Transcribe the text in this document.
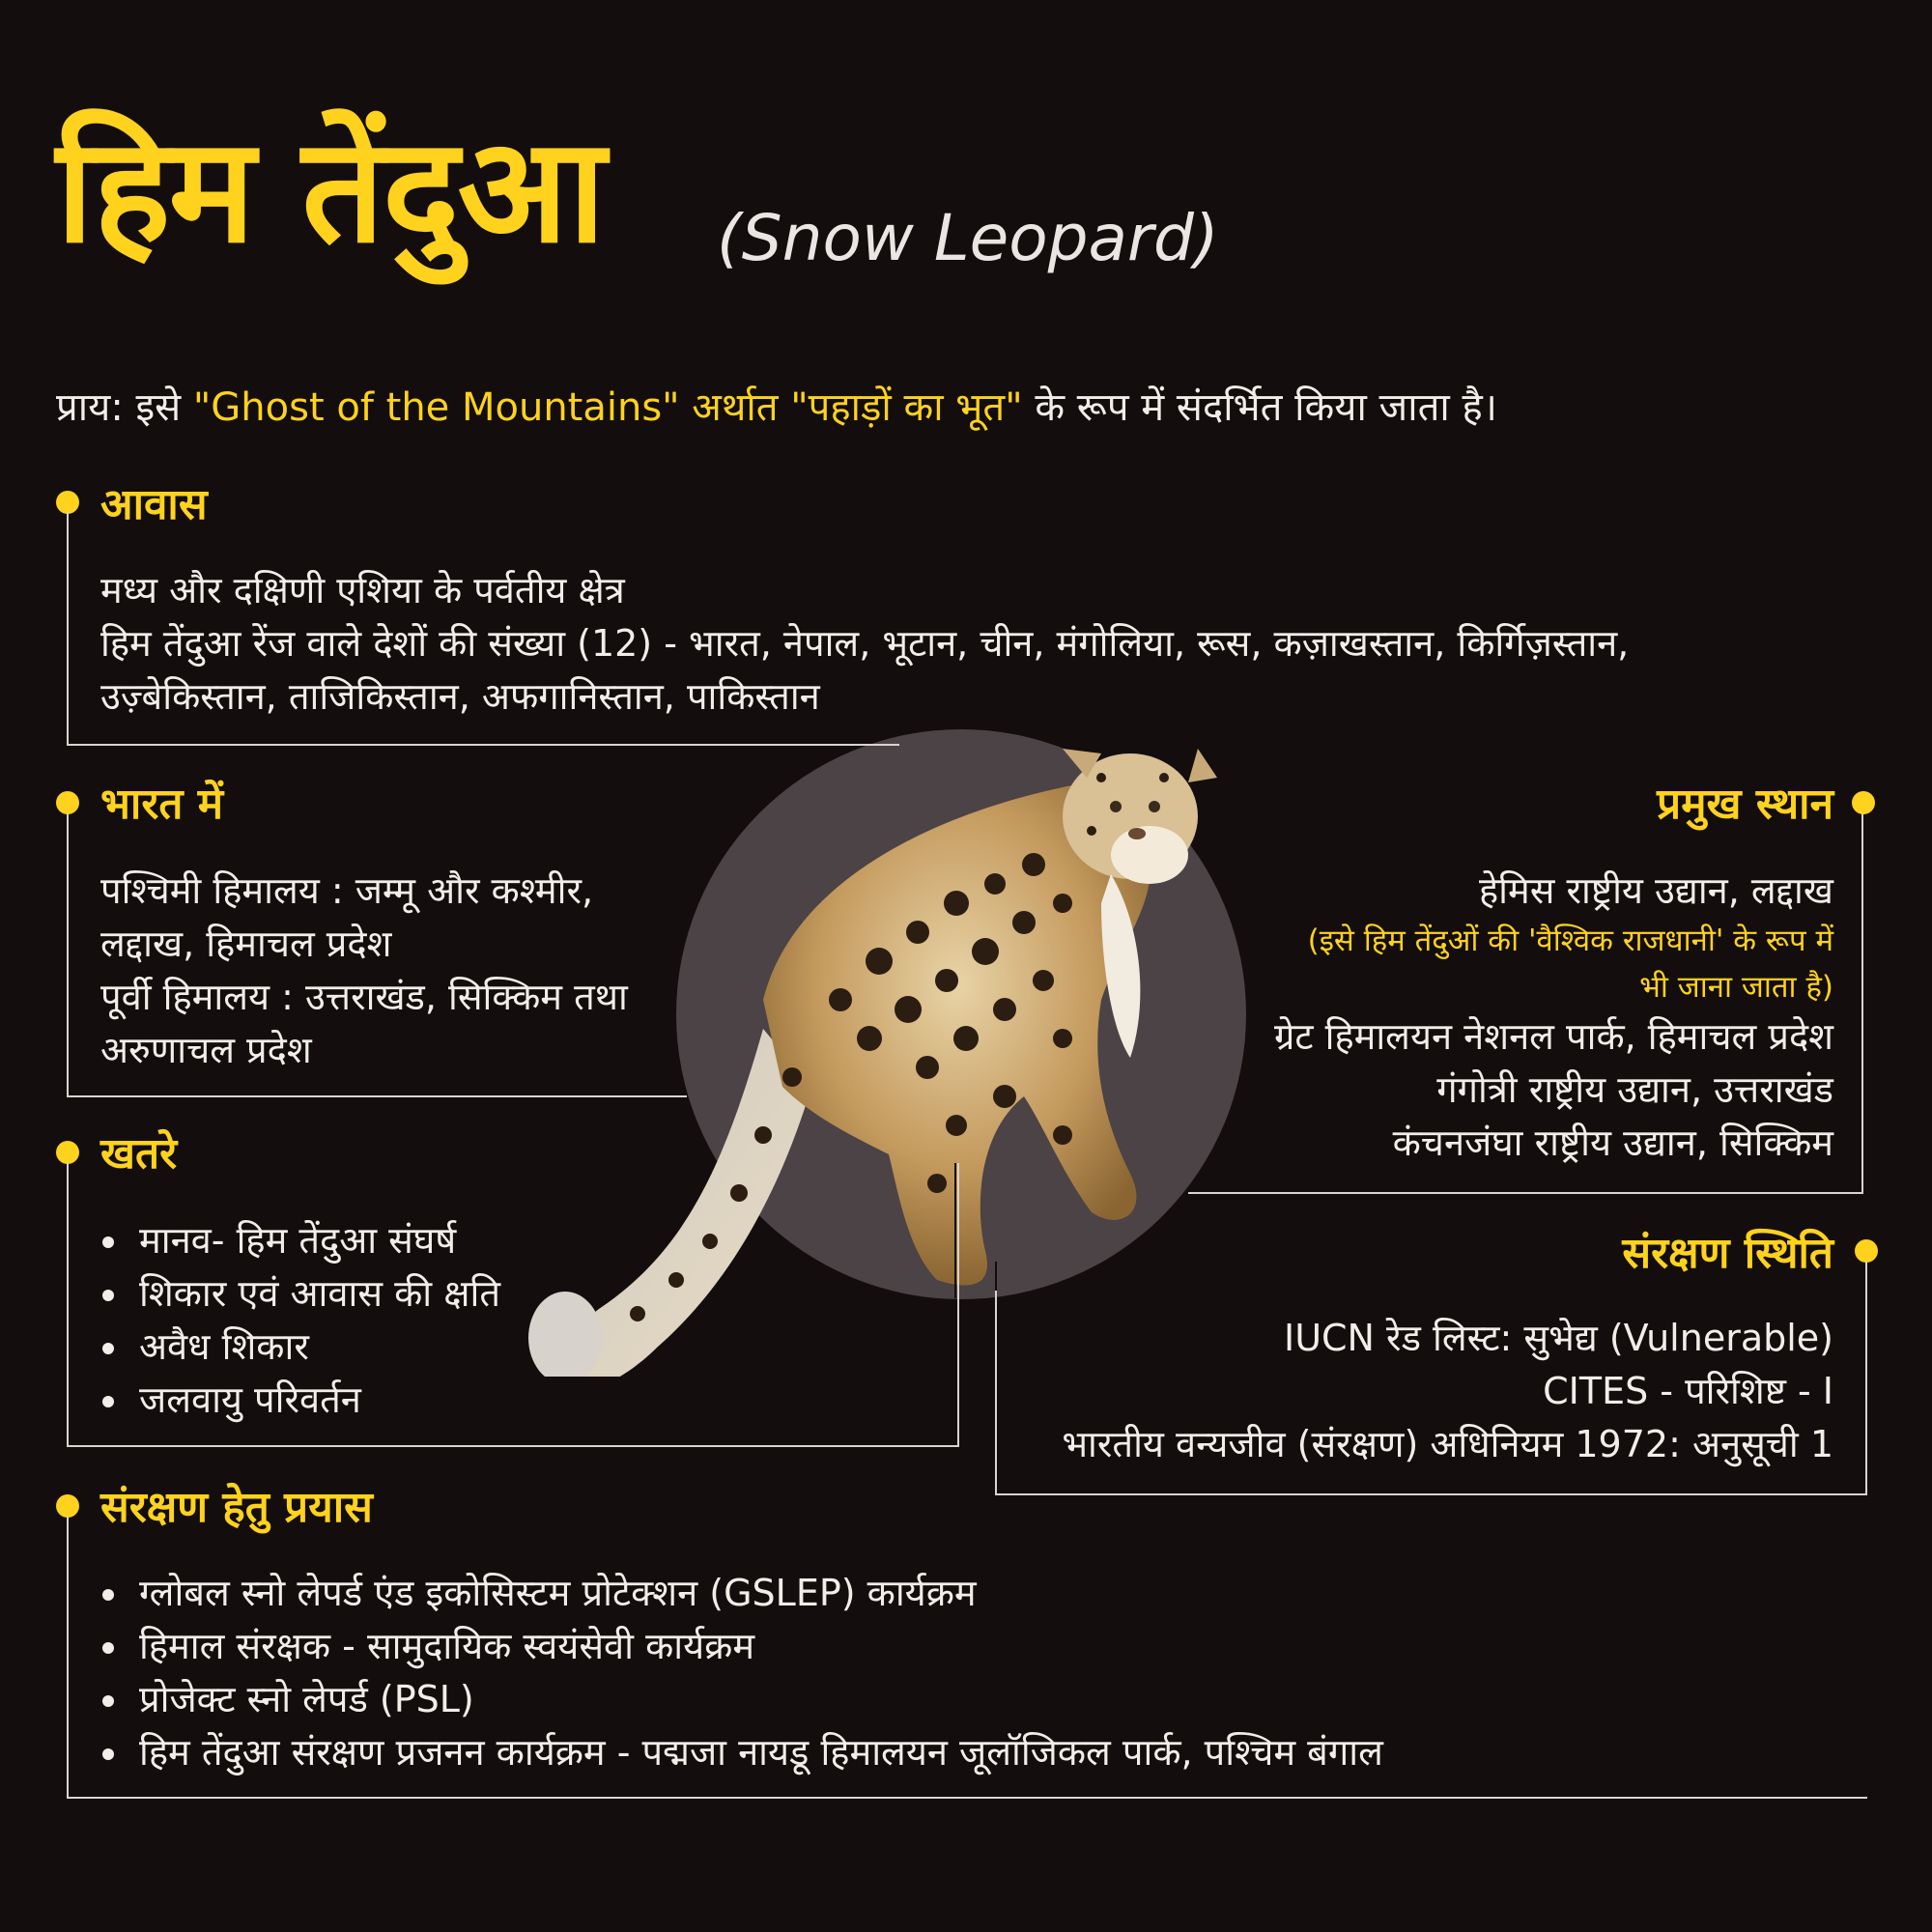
हिम तेंदुआ (Snow Leopard)
प्राय: इसे "Ghost of the Mountains" अर्थात "पहाड़ों का भूत" के रूप में संदर्भित किया जाता है।
आवास
मध्य और दक्षिणी एशिया के पर्वतीय क्षेत्र
हिम तेंदुआ रेंज वाले देशों की संख्या (12) - भारत, नेपाल, भूटान, चीन, मंगोलिया, रूस, कज़ाखस्तान, किर्गिज़स्तान,
उज़्बेकिस्तान, ताजिकिस्तान, अफगानिस्तान, पाकिस्तान
भारत में
पश्चिमी हिमालय : जम्मू और कश्मीर,
लद्दाख, हिमाचल प्रदेश
पूर्वी हिमालय : उत्तराखंड, सिक्किम तथा
अरुणाचल प्रदेश
खतरे
मानव- हिम तेंदुआ संघर्ष
शिकार एवं आवास की क्षति
अवैध शिकार
जलवायु परिवर्तन
प्रमुख स्थान
हेमिस राष्ट्रीय उद्यान, लद्दाख
(इसे हिम तेंदुओं की 'वैश्विक राजधानी' के रूप में
भी जाना जाता है)
ग्रेट हिमालयन नेशनल पार्क, हिमाचल प्रदेश
गंगोत्री राष्ट्रीय उद्यान, उत्तराखंड
कंचनजंघा राष्ट्रीय उद्यान, सिक्किम
संरक्षण स्थिति
IUCN रेड लिस्ट: सुभेद्य (Vulnerable)
CITES - परिशिष्ट - I
भारतीय वन्यजीव (संरक्षण) अधिनियम 1972: अनुसूची 1
संरक्षण हेतु प्रयास
ग्लोबल स्नो लेपर्ड एंड इकोसिस्टम प्रोटेक्शन (GSLEP) कार्यक्रम
हिमाल संरक्षक - सामुदायिक स्वयंसेवी कार्यक्रम
प्रोजेक्ट स्नो लेपर्ड (PSL)
हिम तेंदुआ संरक्षण प्रजनन कार्यक्रम - पद्मजा नायडू हिमालयन जूलॉजिकल पार्क, पश्चिम बंगाल
